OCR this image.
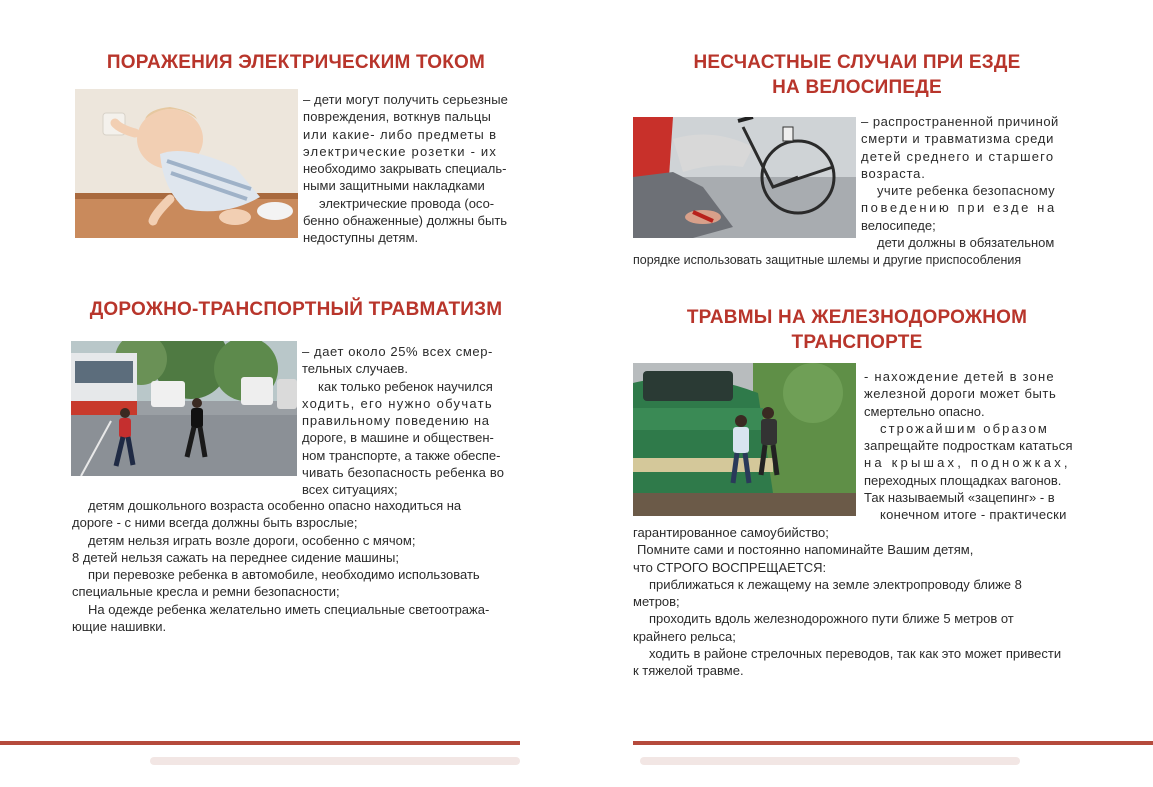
ПОРАЖЕНИЯ ЭЛЕКТРИЧЕСКИМ ТОКОМ

– дети могут получить серьезные

повреждения, воткнув пальцы

или какие- либо предметы в

электрические розетки - их

необходимо закрывать специаль-

ными защитными накладками

электрические провода (осо-

бенно обнаженные) должны быть

недоступны детям.

ДОРОЖНО-ТРАНСПОРТНЫЙ ТРАВМАТИЗМ

– дает около 25% всех смер-

тельных случаев.

как только ребенок научился

ходить, его нужно обучать

правильному поведению на

дороге, в машине и обществен-

ном транспорте, а также обеспе-

чивать безопасность ребенка во

всех ситуациях;

детям дошкольного возраста особенно опасно находиться на

дороге - с ними всегда должны быть взрослые;

детям нельзя играть возле дороги, особенно с мячом;

8 детей нельзя сажать на переднее сидение машины;

при перевозке ребенка в автомобиле, необходимо использовать

специальные кресла и ремни безопасности;

На одежде ребенка желательно иметь специальные светоотража-

ющие нашивки.

НЕСЧАСТНЫЕ СЛУЧАИ ПРИ ЕЗДЕ
НА ВЕЛОСИПЕДЕ

– распространенной причиной

смерти и травматизма среди

детей среднего и старшего

возраста.

учите ребенка безопасному

поведению при езде на

велосипеде;

дети должны в обязательном

порядке использовать защитные шлемы и другие приспособления

ТРАВМЫ НА ЖЕЛЕЗНОДОРОЖНОМ
ТРАНСПОРТЕ

- нахождение детей в зоне

железной дороги может быть

смертельно опасно.

строжайшим образом

запрещайте подросткам кататься

на крышах, подножках,

переходных площадках вагонов.

Так называемый «зацепинг» - в

конечном итоге - практически

гарантированное самоубийство;

Помните сами и постоянно напоминайте Вашим детям,

что СТРОГО ВОСПРЕЩАЕТСЯ:

приближаться к лежащему на земле электропроводу ближе 8

метров;

проходить вдоль железнодорожного пути ближе 5 метров от

крайнего рельса;

ходить в районе стрелочных переводов, так как это может привести

к тяжелой травме.
